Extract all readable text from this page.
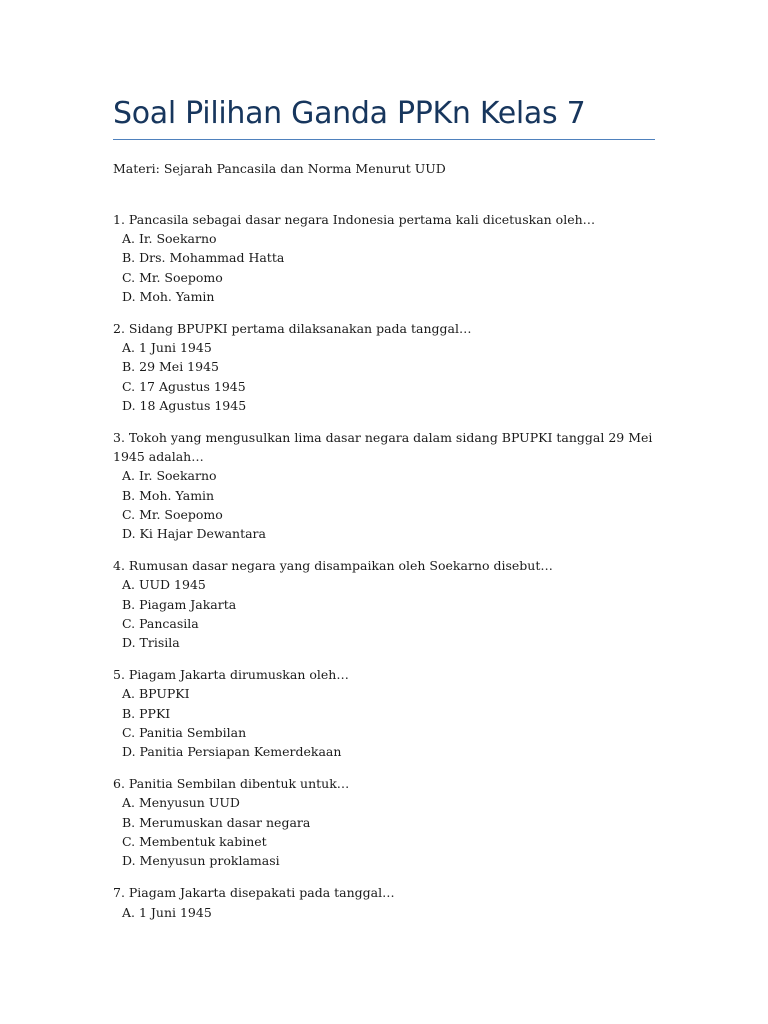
Soal Pilihan Ganda PPKn Kelas 7
Materi: Sejarah Pancasila dan Norma Menurut UUD

1. Pancasila sebagai dasar negara Indonesia pertama kali dicetuskan oleh…

A. Ir. Soekarno
B. Drs. Mohammad Hatta
C. Mr. Soepomo
D. Moh. Yamin

2. Sidang BPUPKI pertama dilaksanakan pada tanggal…

A. 1 Juni 1945
B. 29 Mei 1945
C. 17 Agustus 1945
D. 18 Agustus 1945

3. Tokoh yang mengusulkan lima dasar negara dalam sidang BPUPKI tanggal 29 Mei 1945 adalah…

A. Ir. Soekarno
B. Moh. Yamin
C. Mr. Soepomo
D. Ki Hajar Dewantara

4. Rumusan dasar negara yang disampaikan oleh Soekarno disebut…

A. UUD 1945
B. Piagam Jakarta
C. Pancasila
D. Trisila

5. Piagam Jakarta dirumuskan oleh…

A. BPUPKI
B. PPKI
C. Panitia Sembilan
D. Panitia Persiapan Kemerdekaan

6. Panitia Sembilan dibentuk untuk…

A. Menyusun UUD
B. Merumuskan dasar negara
C. Membentuk kabinet
D. Menyusun proklamasi

7. Piagam Jakarta disepakati pada tanggal…

A. 1 Juni 1945
